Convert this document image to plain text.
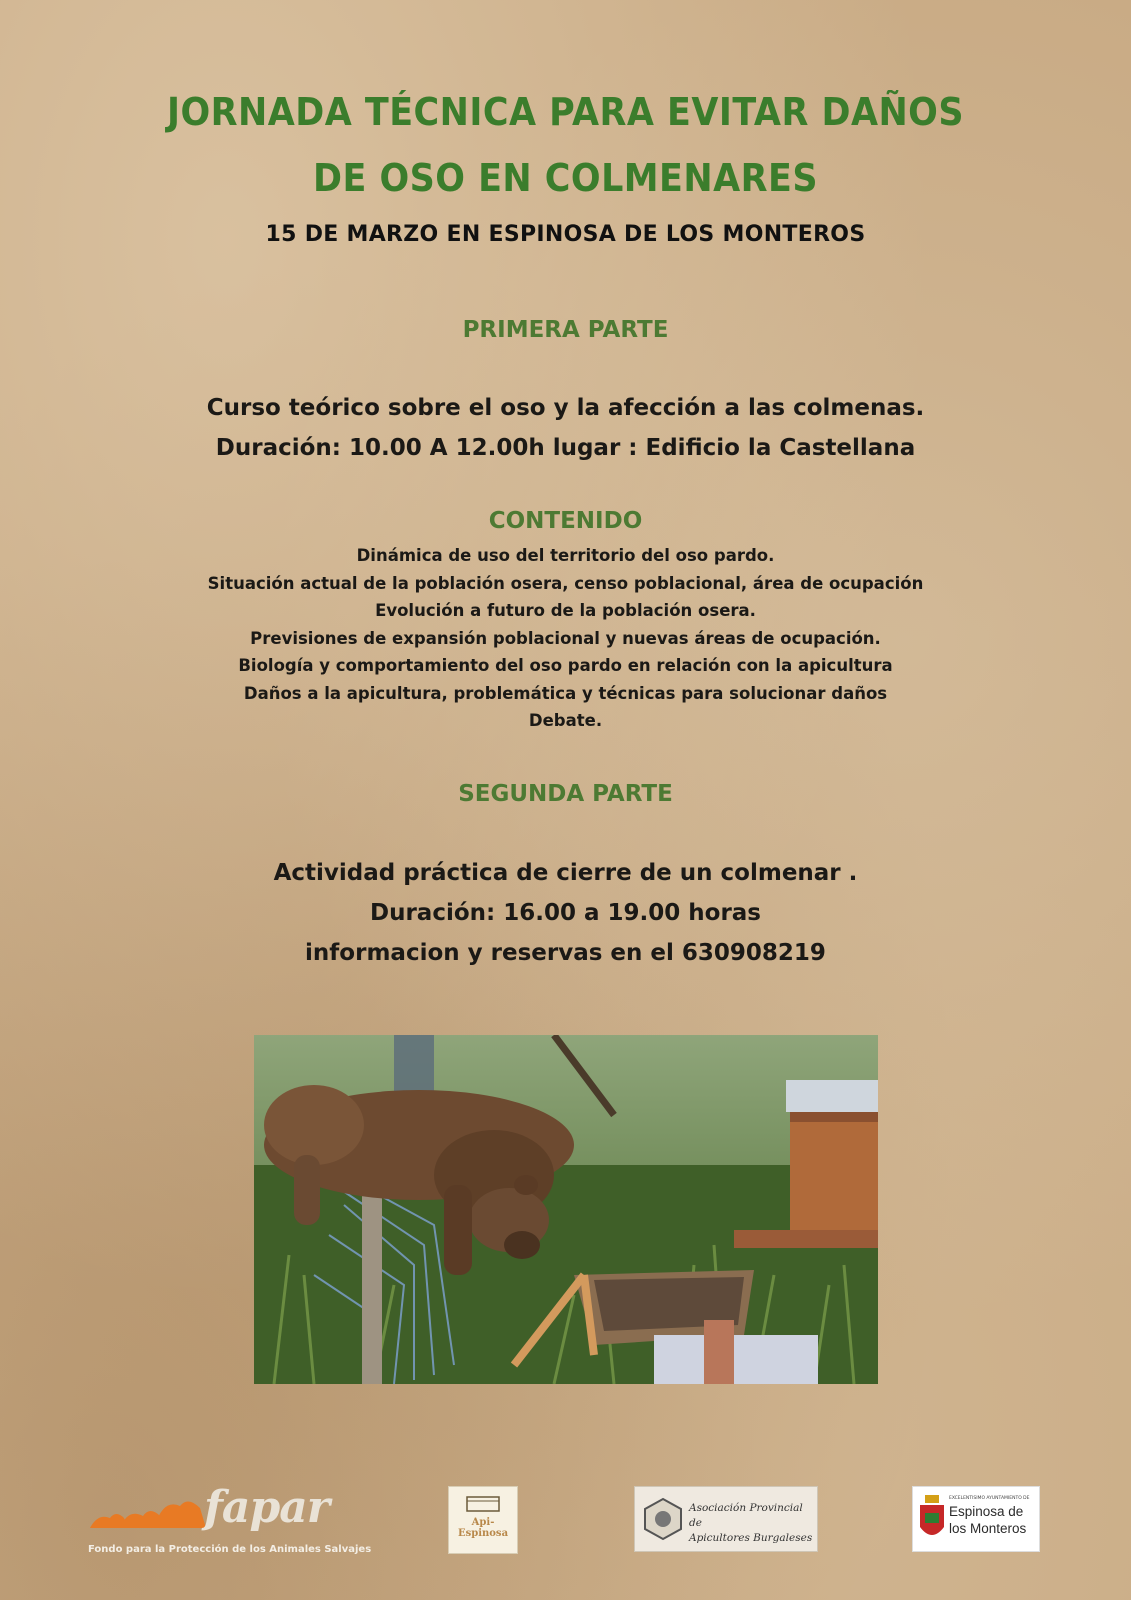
JORNADA TÉCNICA PARA EVITAR DAÑOS
DE OSO EN COLMENARES
15 DE MARZO EN ESPINOSA DE LOS MONTEROS
PRIMERA PARTE
Curso teórico sobre el oso y la afección a las colmenas.
Duración: 10.00 A 12.00h lugar : Edificio la Castellana
CONTENIDO
Dinámica de uso del territorio del oso pardo.
Situación actual de la población osera, censo poblacional, área de ocupación
Evolución a futuro de la población osera.
Previsiones de expansión poblacional y nuevas áreas de ocupación.
Biología y comportamiento del oso pardo en relación con la apicultura
Daños a la apicultura, problemática y técnicas para solucionar daños
Debate.
SEGUNDA PARTE
Actividad práctica de cierre de un colmenar .
Duración: 16.00 a 19.00 horas
informacion y reservas en el 630908219
fapar
Fondo para la Protección de los Animales Salvajes
Api-Espinosa
Asociación Provincial de
Apicultores Burgaleses
EXCELENTISIMO AYUNTAMIENTO DE
Espinosa de
los Monteros
